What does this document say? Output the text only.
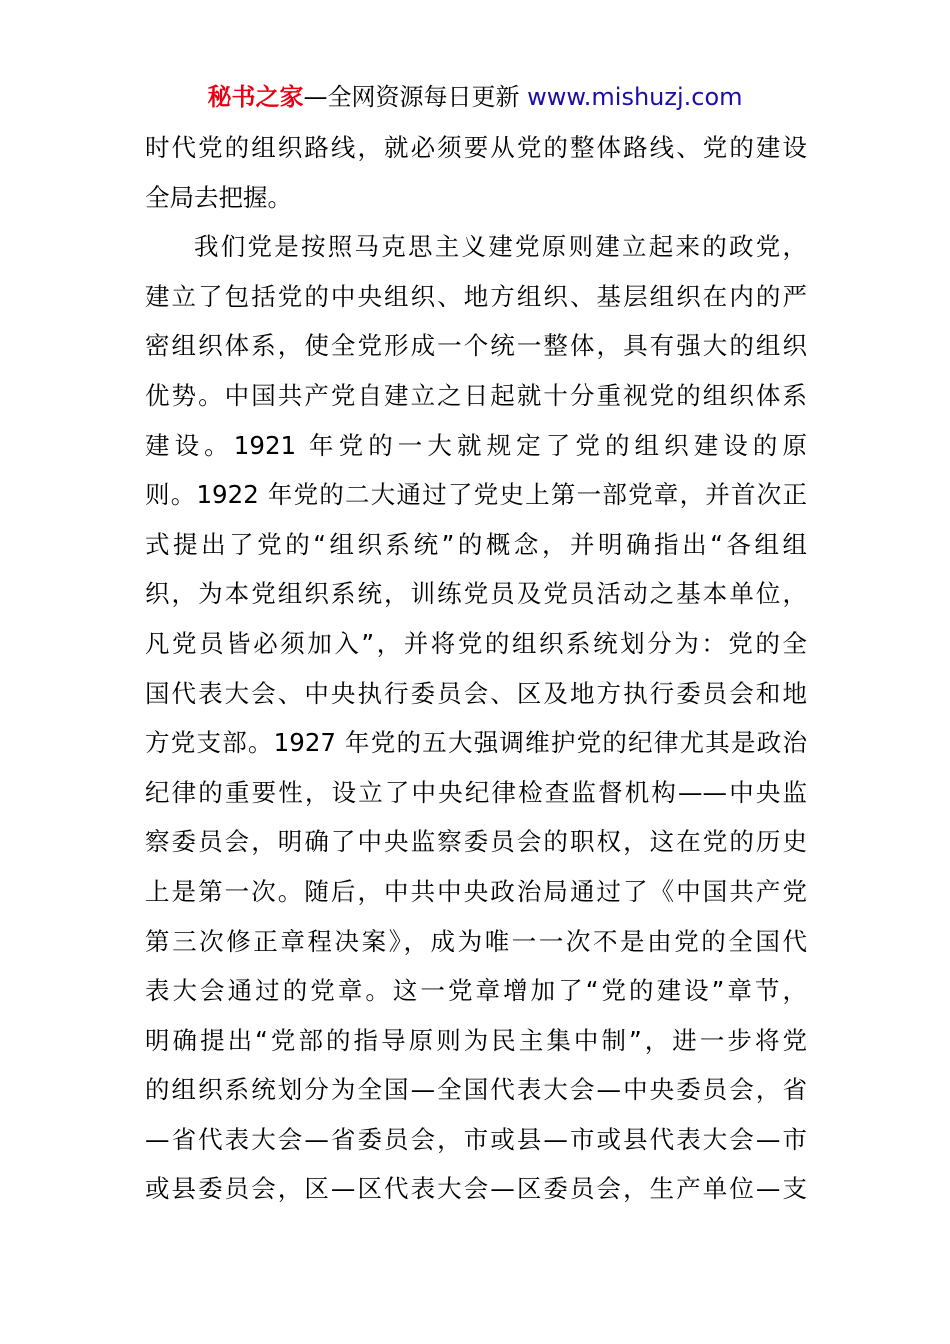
秘书之家—全网资源每日更新 www.mishuzj.com
时代党的组织路线，就必须要从党的整体路线、党的建设
全局去把握。
我们党是按照马克思主义建党原则建立起来的政党，
建立了包括党的中央组织、地方组织、基层组织在内的严
密组织体系，使全党形成一个统一整体，具有强大的组织
优势。中国共产党自建立之日起就十分重视党的组织体系
建设。1921 年党的一大就规定了党的组织建设的原
则。1922 年党的二大通过了党史上第一部党章，并首次正
式提出了党的“组织系统”的概念，并明确指出“各组组
织，为本党组织系统，训练党员及党员活动之基本单位，
凡党员皆必须加入”，并将党的组织系统划分为：党的全
国代表大会、中央执行委员会、区及地方执行委员会和地
方党支部。1927 年党的五大强调维护党的纪律尤其是政治
纪律的重要性，设立了中央纪律检查监督机构——中央监
察委员会，明确了中央监察委员会的职权，这在党的历史
上是第一次。随后，中共中央政治局通过了《中国共产党
第三次修正章程决案》，成为唯一一次不是由党的全国代
表大会通过的党章。这一党章增加了“党的建设”章节，
明确提出“党部的指导原则为民主集中制”，进一步将党
的组织系统划分为全国—全国代表大会—中央委员会，省
—省代表大会—省委员会，市或县—市或县代表大会—市
或县委员会，区—区代表大会—区委员会，生产单位—支
